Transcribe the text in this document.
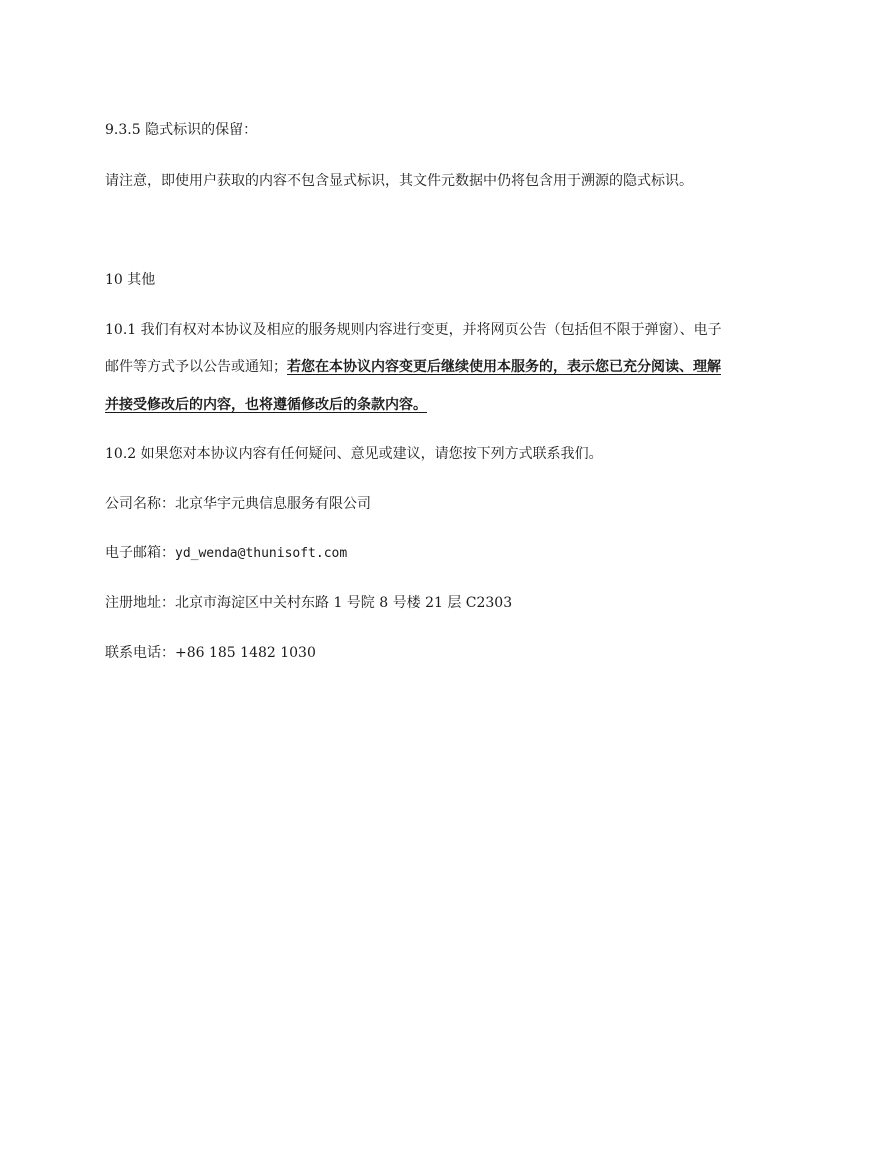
9.3.5 隐式标识的保留：
请注意，即使用户获取的内容不包含显式标识，其文件元数据中仍将包含用于溯源的隐式标识。
10 其他
10.1 我们有权对本协议及相应的服务规则内容进行变更，并将网页公告（包括但不限于弹窗）、电子
邮件等方式予以公告或通知；若您在本协议内容变更后继续使用本服务的，表示您已充分阅读、理解
并接受修改后的内容，也将遵循修改后的条款内容。
10.2 如果您对本协议内容有任何疑问、意见或建议，请您按下列方式联系我们。
公司名称：北京华宇元典信息服务有限公司
电子邮箱：yd_wenda@thunisoft.com
注册地址：北京市海淀区中关村东路 1 号院 8 号楼 21 层 C2303
联系电话：+86 185 1482 1030
